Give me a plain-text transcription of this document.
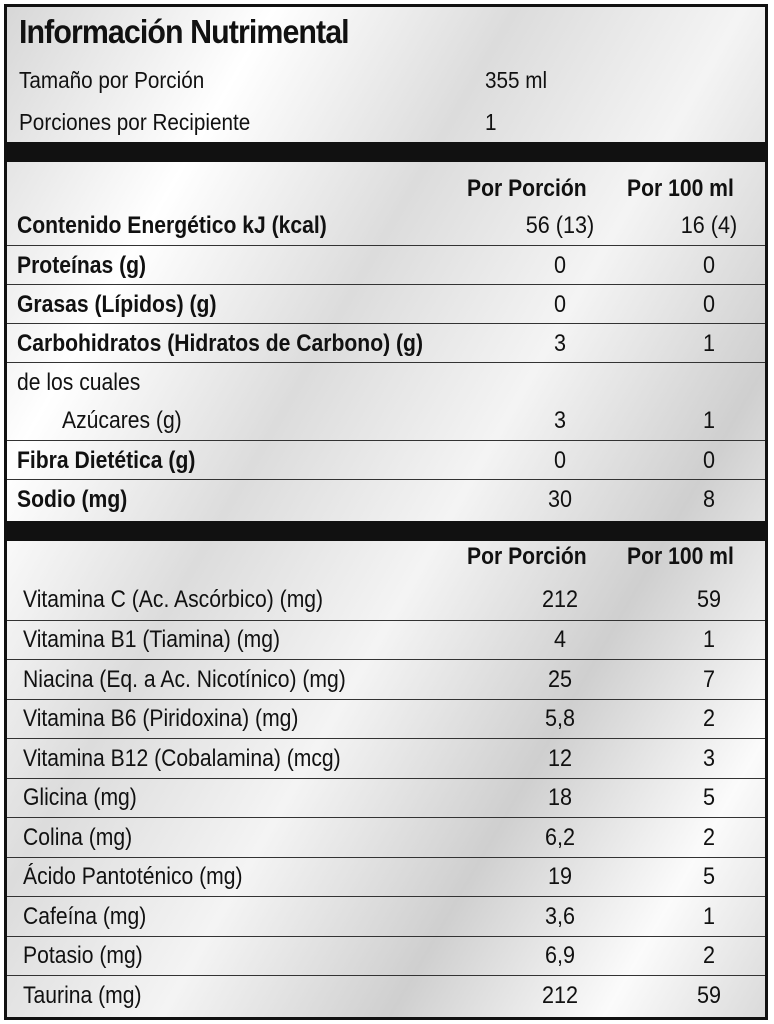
Información Nutrimental
Tamaño por Porción	355 ml
Porciones por Recipiente	1
Por Porción Por 100 ml
Contenido Energético kJ (kcal)	56 (13)	16 (4)
Proteínas (g)	0	0
Grasas (Lípidos) (g)	0	0
Carbohidratos (Hidratos de Carbono) (g)	3	1
de los cuales
Azúcares (g)	3	1
Fibra Dietética (g)	0	0
Sodio (mg)	30	8
Por Porción Por 100 ml
Vitamina C (Ac. Ascórbico) (mg)	212	59
Vitamina B1 (Tiamina) (mg)	4	1
Niacina (Eq. a Ac. Nicotínico) (mg)	25	7
Vitamina B6 (Piridoxina) (mg)	5,8	2
Vitamina B12 (Cobalamina) (mcg)	12	3
Glicina (mg)	18	5
Colina (mg)	6,2	2
Ácido Pantoténico (mg)	19	5
Cafeína (mg)	3,6	1
Potasio (mg)	6,9	2
Taurina (mg)	212	59
